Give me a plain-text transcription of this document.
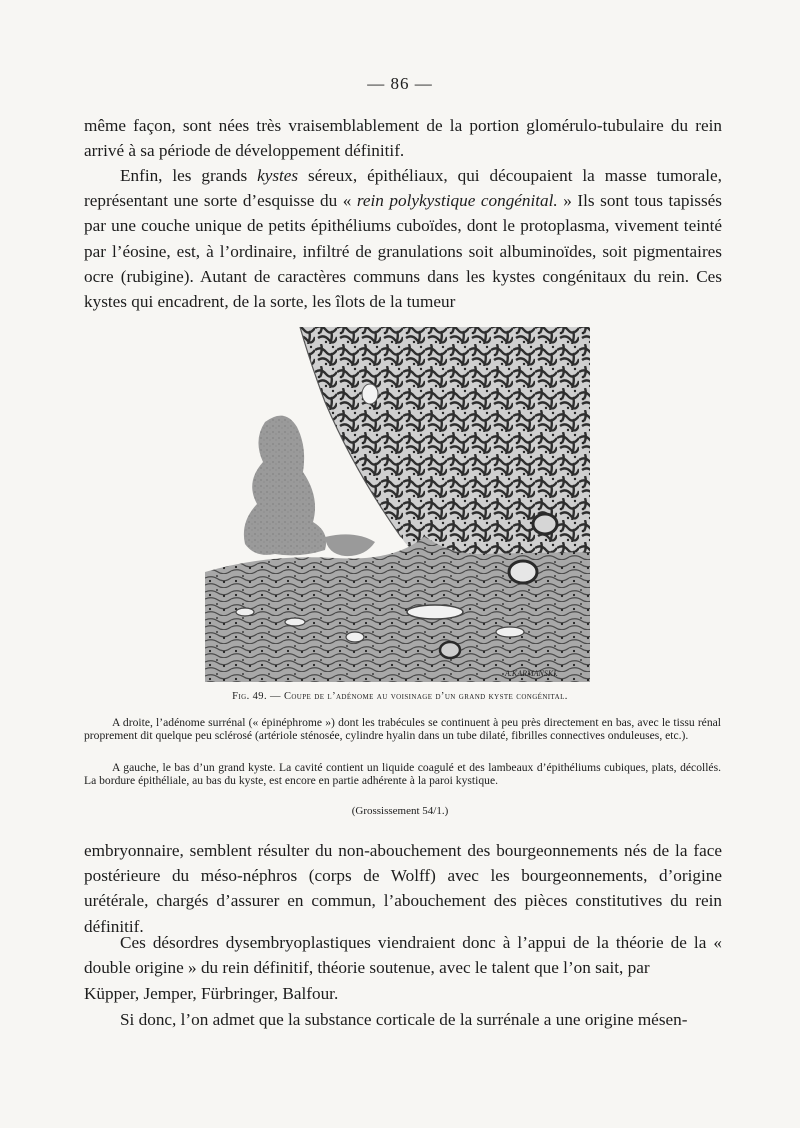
— 86 —

même façon, sont nées très vraisemblablement de la portion glomérulo-tubulaire du rein arrivé à sa période de développement définitif.

Enfin, les grands kystes séreux, épithéliaux, qui découpaient la masse tumorale, représentant une sorte d’esquisse du « rein polykystique congénital. » Ils sont tous tapissés par une couche unique de petits épithéliums cuboïdes, dont le protoplasma, vivement teinté par l’éosine, est, à l’ordinaire, infiltré de granulations soit albuminoïdes, soit pigmentaires ocre (rubigine). Autant de caractères communs dans les kystes congénitaux du rein. Ces kystes qui encadrent, de la sorte, les îlots de la tumeur

A.KARMANSKI.
Fig. 49. — Coupe de l’adénome au voisinage d’un grand kyste congénital.

A droite, l’adénome surrénal (« épinéphrome ») dont les trabécules se continuent à peu près directement en bas, avec le tissu rénal proprement dit quelque peu sclérosé (artériole sténosée, cylindre hyalin dans un tube dilaté, fibrilles connectives onduleuses, etc.).

A gauche, le bas d’un grand kyste. La cavité contient un liquide coagulé et des lambeaux d’épithéliums cubiques, plats, décollés. La bordure épithéliale, au bas du kyste, est encore en partie adhérente à la paroi kystique.

(Grossissement 54/1.)

embryonnaire, semblent résulter du non-abouchement des bourgeonnements nés de la face postérieure du méso-néphros (corps de Wolff) avec les bourgeonnements, d’origine urétérale, chargés d’assurer en commun, l’abouchement des pièces constitutives du rein définitif.

Ces désordres dysembryoplastiques viendraient donc à l’appui de la théorie de la « double origine » du rein définitif, théorie soutenue, avec le talent que l’on sait, par

Küpper, Jemper, Fürbringer, Balfour.

Si donc, l’on admet que la substance corticale de la surrénale a une origine mésen-
